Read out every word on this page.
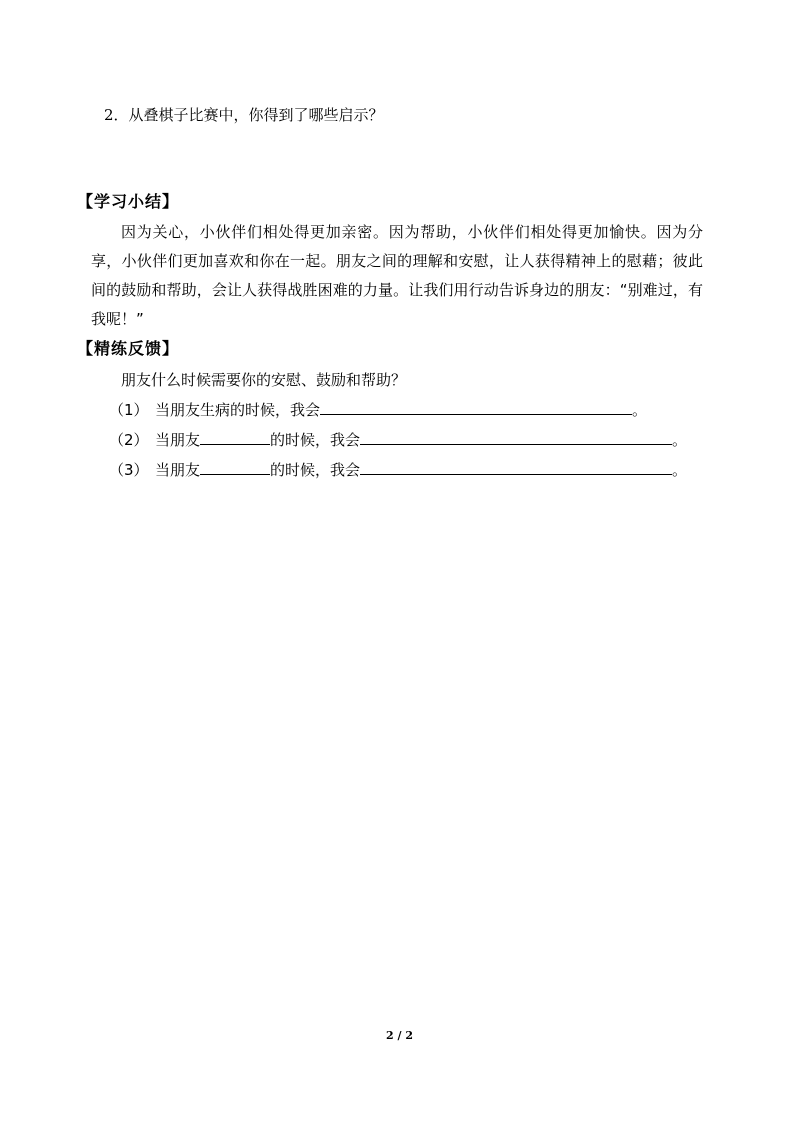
2．从叠棋子比赛中，你得到了哪些启示？
【学习小结】
因为关心，小伙伴们相处得更加亲密。因为帮助，小伙伴们相处得更加愉快。因为分享，小伙伴们更加喜欢和你在一起。朋友之间的理解和安慰，让人获得精神上的慰藉；彼此间的鼓励和帮助，会让人获得战胜困难的力量。让我们用行动告诉身边的朋友：“别难过，有我呢！”
【精练反馈】
朋友什么时候需要你的安慰、鼓励和帮助？
（1） 当朋友生病的时候，我会	。
（2） 当朋友	的时候，我会	。
（3） 当朋友	的时候，我会	。
2 / 2
